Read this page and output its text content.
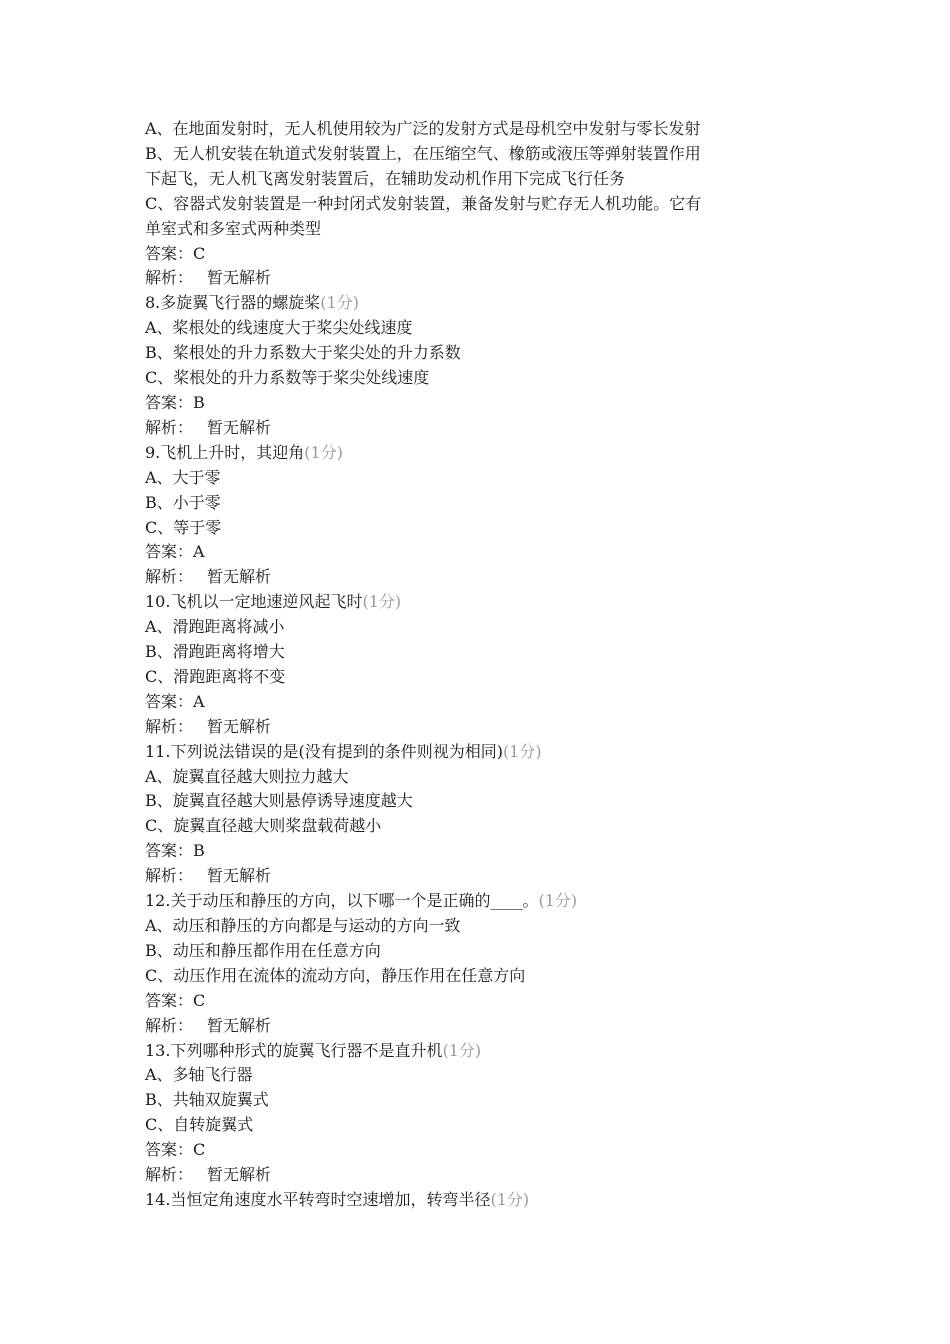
A、在地面发射时，无人机使用较为广泛的发射方式是母机空中发射与零长发射

B、无人机安装在轨道式发射装置上，在压缩空气、橡筋或液压等弹射装置作用

下起飞，无人机飞离发射装置后，在辅助发动机作用下完成飞行任务

C、容器式发射装置是一种封闭式发射装置，兼备发射与贮存无人机功能。它有

单室式和多室式两种类型

答案：C

解析： 暂无解析

8.多旋翼飞行器的螺旋桨(1分)

A、桨根处的线速度大于桨尖处线速度

B、桨根处的升力系数大于桨尖处的升力系数

C、桨根处的升力系数等于桨尖处线速度

答案：B

解析： 暂无解析

9.飞机上升时，其迎角(1分)

A、大于零

B、小于零

C、等于零

答案：A

解析： 暂无解析

10.飞机以一定地速逆风起飞时(1分)

A、滑跑距离将减小

B、滑跑距离将增大

C、滑跑距离将不变

答案：A

解析： 暂无解析

11.下列说法错误的是(没有提到的条件则视为相同)(1分)

A、旋翼直径越大则拉力越大

B、旋翼直径越大则悬停诱导速度越大

C、旋翼直径越大则桨盘载荷越小

答案：B

解析： 暂无解析

12.关于动压和静压的方向，以下哪一个是正确的____。(1分)

A、动压和静压的方向都是与运动的方向一致

B、动压和静压都作用在任意方向

C、动压作用在流体的流动方向，静压作用在任意方向

答案：C

解析： 暂无解析

13.下列哪种形式的旋翼飞行器不是直升机(1分)

A、多轴飞行器

B、共轴双旋翼式

C、自转旋翼式

答案：C

解析： 暂无解析

14.当恒定角速度水平转弯时空速增加，转弯半径(1分)
